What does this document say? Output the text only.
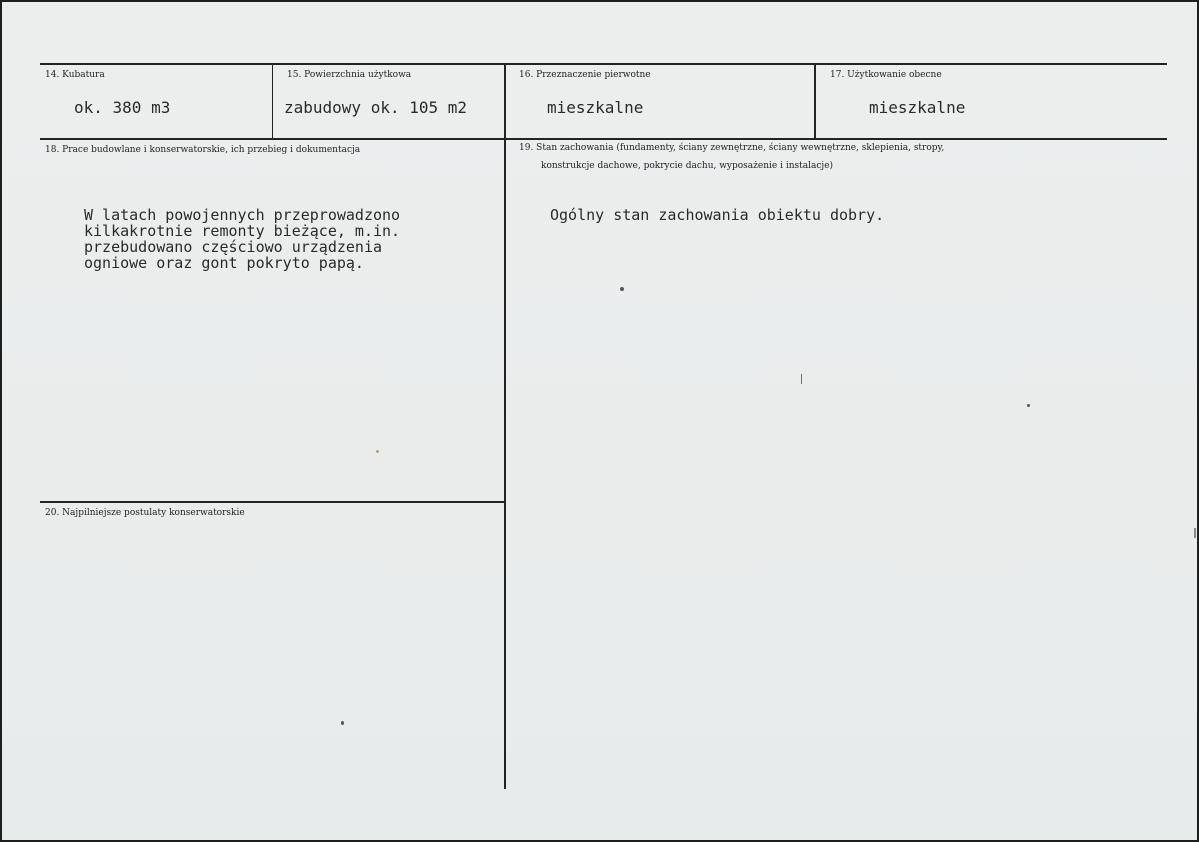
14. Kubatura
ok. 380 m3
15. Powierzchnia użytkowa
zabudowy ok. 105 m2
16. Przeznaczenie pierwotne
mieszkalne
17. Użytkowanie obecne
mieszkalne
18. Prace budowlane i konserwatorskie, ich przebieg i dokumentacja
W latach powojennych przeprowadzono
kilkakrotnie remonty bieżące, m.in.
przebudowano częściowo urządzenia
ogniowe oraz gont pokryto papą.
19. Stan zachowania (fundamenty, ściany zewnętrzne, ściany wewnętrzne, sklepienia, stropy,
konstrukcje dachowe, pokrycie dachu, wyposażenie i instalacje)
Ogólny stan zachowania obiektu dobry.
20. Najpilniejsze postulaty konserwatorskie
